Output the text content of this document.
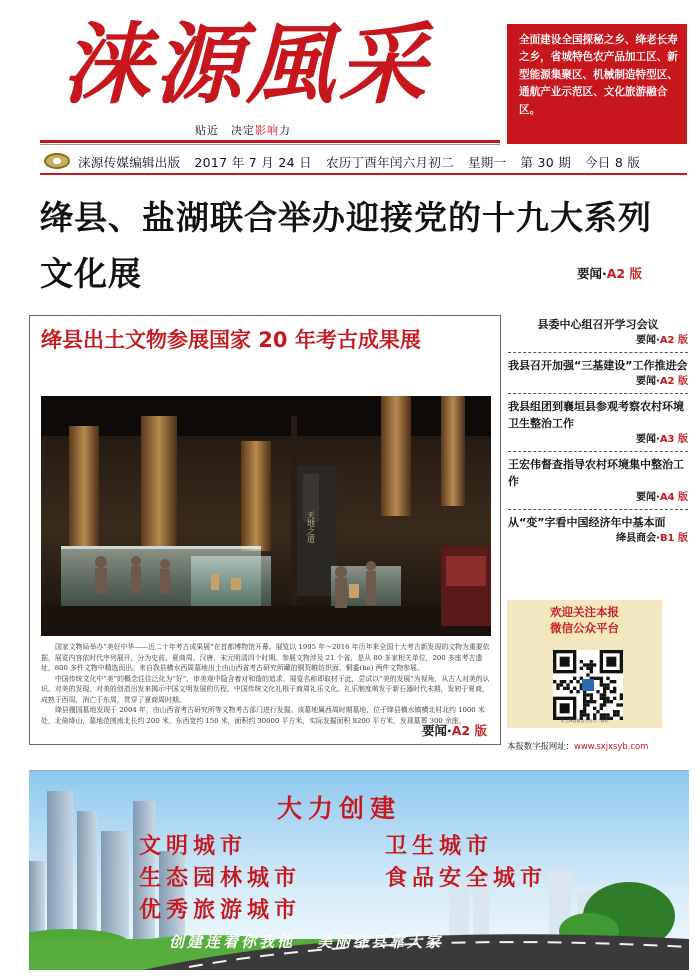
涞源風采
贴近　决定影响力
全面建设全国探秘之乡、绛老长寿之乡，省城特色农产品加工区、新型能源集聚区、机械制造特型区、通航产业示范区、文化旅游融合区。
涞源传媒编辑出版 2017 年 7 月 24 日 农历丁酉年闰六月初二 星期一 第 30 期 今日 8 版
绛县、盐湖联合举办迎接党的十九大系列文化展	要闻·A2 版
绛县出土文物参展国家 20 年考古成果展
天地之道

国家文物局举办“美好中华——近二十年考古成果展”在首都博物馆开幕。展览以 1995 年～2016 年历年来全国十大考古新发现的文物为重要依据，展览内容依时代序列展开，分为史前、夏商周、汉唐、宋元明清四个时期。参展文物涉及 21 个省，是从 80 多家相关单位，200 多座考古遗址，800 多件文物中精选而出。来自我县横水西周墓地出土由山西省考古研究所藏的铜荒帷纺织面、铜盉(he) 两件文物参展。

中国传统文化中“美”的概念往往泛化为“好”，审美观中隐含着对和谐的追求，展览名称即取材于此，尝试以“美的发展”为视角，从古人对美的认识、对美的发现、对美的创造出发来揭示中国文明发展的历程，中国传统文化礼根于商周礼乐文化。礼乐制度萌发于新石器时代末期，发轫于夏商，成熟于西周，消亡于东周，贯穿了夏商周时期。

绛县倗国墓地发现于 2004 年，由山西省考古研究所等文物考古部门进行发掘。该墓地属西周时期墓地，位于绛县横水镇横北村北约 1000 米处，北倚绛山，墓地范围南北长约 200 米，东西宽约 150 米，面积约 30000 平方米，实际发掘面积 8200 平方米，发现墓葬 300 余座。

要闻·A2 版
县委中心组召开学习会议
要闻·A2 版
我县召开加强“三基建设”工作推进会
要闻·A2 版
我县组团到襄垣县参观考察农村环境卫生整治工作
要闻·A3 版
王宏伟督查指导农村环境集中整治工作
要闻·A4 版
从“变”字看中国经济年中基本面
绛县商会·B1 版
欢迎关注本报
微信公众平台
掌上绛县微信公众号二维码
本报数字报网址：www.sxjxsyb.com
大力创建
文明城市	卫生城市
生态园林城市	食品安全城市
优秀旅游城市
创建连着你我他 美丽绛县靠大家
